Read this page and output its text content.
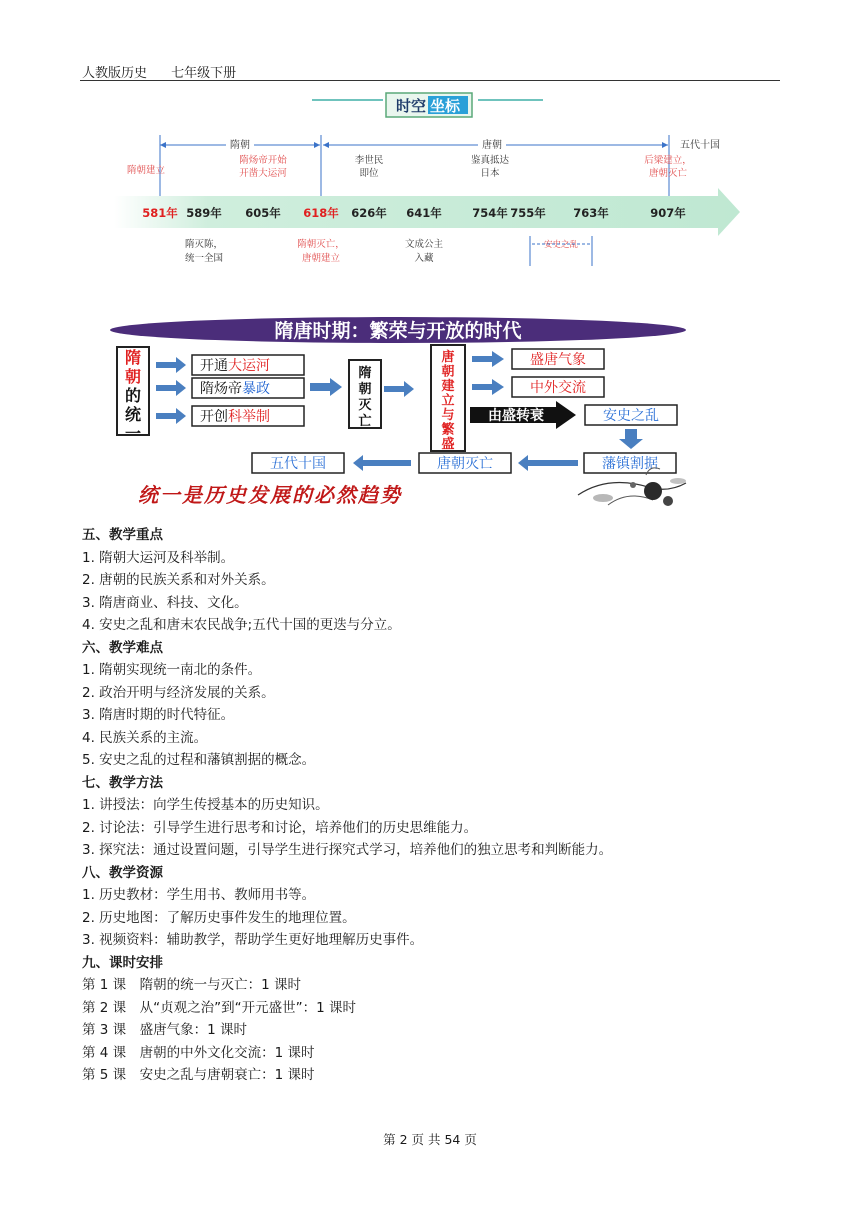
人教版历史 七年级下册
时空 坐标
隋朝	唐朝	五代十国
581年 589年 605年 618年 626年 641年	754年 755年 763年	907年
隋朝建立
隋炀帝开始
开凿大运河
李世民
即位
鉴真抵达
日本
后梁建立，
唐朝灭亡
隋灭陈，
统一全国
隋朝灭亡，
唐朝建立
文成公主
入藏
安史之乱
隋唐时期：繁荣与开放的时代
隋
朝
的
统
一
开通大运河
隋炀帝暴政
开创科举制
隋
朝
灭
亡
唐
朝
建
立
与
繁
盛
盛唐气象
中外交流
由盛转衰	安史之乱
藩镇割据
唐朝灭亡
五代十国
统一是历史发展的必然趋势
五、教学重点
1. 隋朝大运河及科举制。
2. 唐朝的民族关系和对外关系。
3. 隋唐商业、科技、文化。
4. 安史之乱和唐末农民战争;五代十国的更迭与分立。
六、教学难点
1. 隋朝实现统一南北的条件。
2. 政治开明与经济发展的关系。
3. 隋唐时期的时代特征。
4. 民族关系的主流。
5. 安史之乱的过程和藩镇割据的概念。
七、教学方法
1. 讲授法：向学生传授基本的历史知识。
2. 讨论法：引导学生进行思考和讨论，培养他们的历史思维能力。
3. 探究法：通过设置问题，引导学生进行探究式学习，培养他们的独立思考和判断能力。
八、教学资源
1. 历史教材：学生用书、教师用书等。
2. 历史地图：了解历史事件发生的地理位置。
3. 视频资料：辅助教学，帮助学生更好地理解历史事件。
九、课时安排
第 1 课　隋朝的统一与灭亡：1 课时
第 2 课　从“贞观之治”到“开元盛世”：1 课时
第 3 课　盛唐气象：1 课时
第 4 课　唐朝的中外文化交流：1 课时
第 5 课　安史之乱与唐朝衰亡：1 课时
第 2 页 共 54 页
